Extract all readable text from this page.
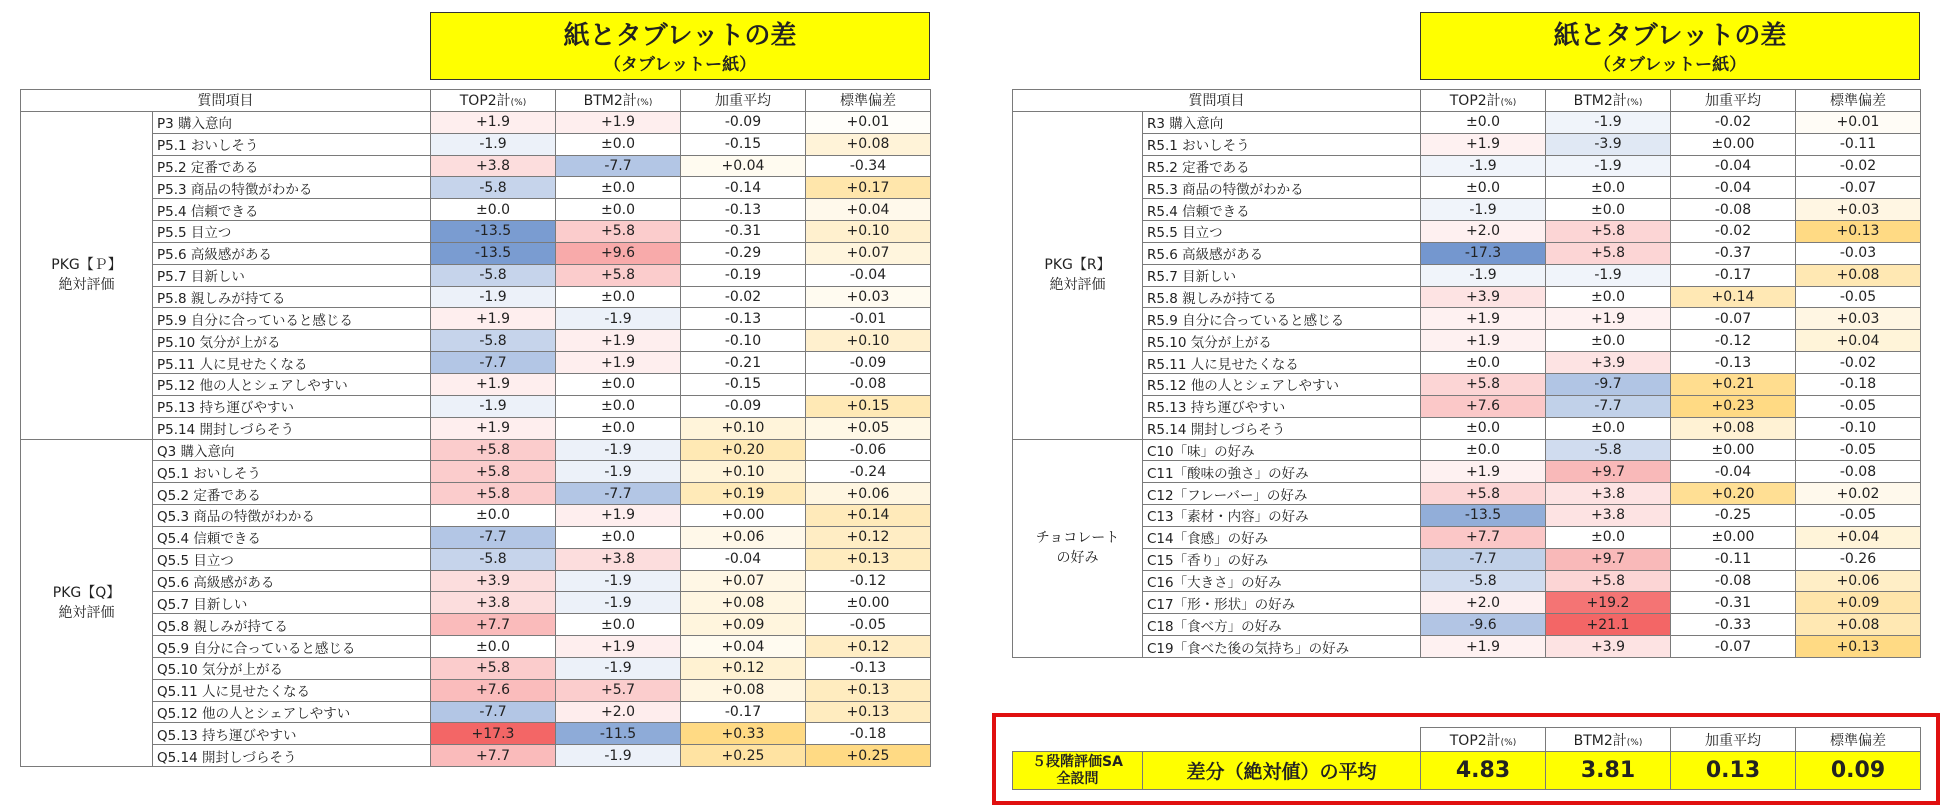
紙とタブレットの差
（タブレットー紙）
質問項目		TOP2計(%)	BTM2計(%)	加重平均	標準偏差

PKG【Ｐ】
絶対評価	P3 購入意向	+1.9	+1.9	-0.09	+0.01
	P5.1 おいしそう	-1.9	±0.0	-0.15	+0.08
	P5.2 定番である	+3.8	-7.7	+0.04	-0.34
	P5.3 商品の特徴がわかる	-5.8	±0.0	-0.14	+0.17
	P5.4 信頼できる	±0.0	±0.0	-0.13	+0.04
	P5.5 目立つ	-13.5	+5.8	-0.31	+0.10
	P5.6 高級感がある	-13.5	+9.6	-0.29	+0.07
	P5.7 目新しい	-5.8	+5.8	-0.19	-0.04
	P5.8 親しみが持てる	-1.9	±0.0	-0.02	+0.03
	P5.9 自分に合っていると感じる	+1.9	-1.9	-0.13	-0.01
	P5.10 気分が上がる	-5.8	+1.9	-0.10	+0.10
	P5.11 人に見せたくなる	-7.7	+1.9	-0.21	-0.09
	P5.12 他の人とシェアしやすい	+1.9	±0.0	-0.15	-0.08
	P5.13 持ち運びやすい	-1.9	±0.0	-0.09	+0.15
	P5.14 開封しづらそう	+1.9	±0.0	+0.10	+0.05

PKG【Q】
絶対評価	Q3 購入意向	+5.8	-1.9	+0.20	-0.06
	Q5.1 おいしそう	+5.8	-1.9	+0.10	-0.24
	Q5.2 定番である	+5.8	-7.7	+0.19	+0.06
	Q5.3 商品の特徴がわかる	±0.0	+1.9	+0.00	+0.14
	Q5.4 信頼できる	-7.7	±0.0	+0.06	+0.12
	Q5.5 目立つ	-5.8	+3.8	-0.04	+0.13
	Q5.6 高級感がある	+3.9	-1.9	+0.07	-0.12
	Q5.7 目新しい	+3.8	-1.9	+0.08	±0.00
	Q5.8 親しみが持てる	+7.7	±0.0	+0.09	-0.05
	Q5.9 自分に合っていると感じる	±0.0	+1.9	+0.04	+0.12
	Q5.10 気分が上がる	+5.8	-1.9	+0.12	-0.13
	Q5.11 人に見せたくなる	+7.6	+5.7	+0.08	+0.13
	Q5.12 他の人とシェアしやすい	-7.7	+2.0	-0.17	+0.13
	Q5.13 持ち運びやすい	+17.3	-11.5	+0.33	-0.18
	Q5.14 開封しづらそう	+7.7	-1.9	+0.25	+0.25
紙とタブレットの差
（タブレットー紙）
質問項目		TOP2計(%)	BTM2計(%)	加重平均	標準偏差

PKG【R】
絶対評価	R3 購入意向	±0.0	-1.9	-0.02	+0.01
	R5.1 おいしそう	+1.9	-3.9	±0.00	-0.11
	R5.2 定番である	-1.9	-1.9	-0.04	-0.02
	R5.3 商品の特徴がわかる	±0.0	±0.0	-0.04	-0.07
	R5.4 信頼できる	-1.9	±0.0	-0.08	+0.03
	R5.5 目立つ	+2.0	+5.8	-0.02	+0.13
	R5.6 高級感がある	-17.3	+5.8	-0.37	-0.03
	R5.7 目新しい	-1.9	-1.9	-0.17	+0.08
	R5.8 親しみが持てる	+3.9	±0.0	+0.14	-0.05
	R5.9 自分に合っていると感じる	+1.9	+1.9	-0.07	+0.03
	R5.10 気分が上がる	+1.9	±0.0	-0.12	+0.04
	R5.11 人に見せたくなる	±0.0	+3.9	-0.13	-0.02
	R5.12 他の人とシェアしやすい	+5.8	-9.7	+0.21	-0.18
	R5.13 持ち運びやすい	+7.6	-7.7	+0.23	-0.05
	R5.14 開封しづらそう	±0.0	±0.0	+0.08	-0.10

チョコレート
の好み	C10「味」の好み	±0.0	-5.8	±0.00	-0.05
	C11「酸味の強さ」の好み	+1.9	+9.7	-0.04	-0.08
	C12「フレーバー」の好み	+5.8	+3.8	+0.20	+0.02
	C13「素材・内容」の好み	-13.5	+3.8	-0.25	-0.05
	C14「食感」の好み	+7.7	±0.0	±0.00	+0.04
	C15「香り」の好み	-7.7	+9.7	-0.11	-0.26
	C16「大きさ」の好み	-5.8	+5.8	-0.08	+0.06
	C17「形・形状」の好み	+2.0	+19.2	-0.31	+0.09
	C18「食べ方」の好み	-9.6	+21.1	-0.33	+0.08
	C19「食べた後の気持ち」の好み	+1.9	+3.9	-0.07	+0.13
		TOP2計(%)	BTM2計(%)	加重平均	標準偏差

５段階評価SA
全設問	差分（絶対値）の平均	4.83	3.81	0.13	0.09
